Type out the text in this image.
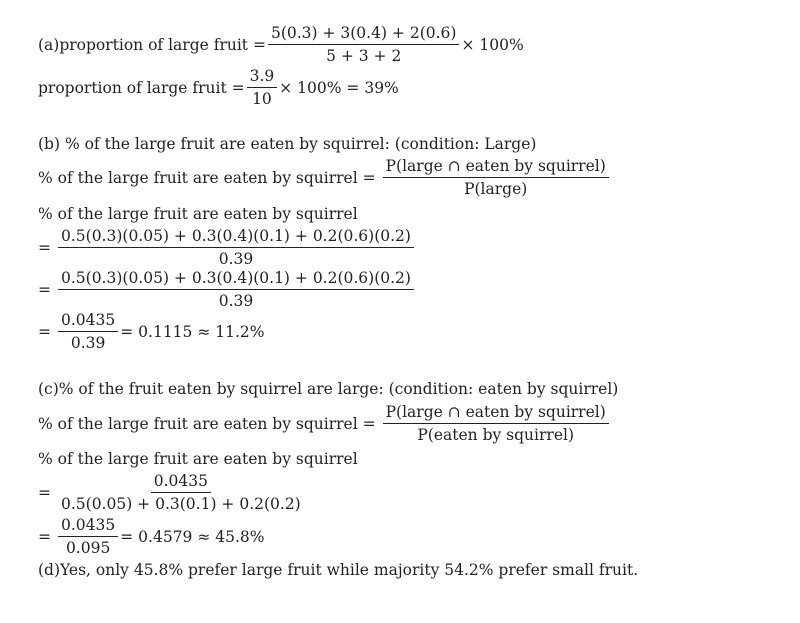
(a)proportion of large fruit = $\frac{5(0.3) + 3(0.4) + 2(0.6)}{5 + 3 + 2} \times 100\%$
proportion of large fruit = $\frac{3.9}{10} \times 100\% = 39\%$
(b) % of the large fruit are eaten by squirrel: (condition: Large)
% of the large fruit are eaten by squirrel = $\frac{\text{P(large ∩ eaten by squirrel)}}{\text{P(large)}}$
% of the large fruit are eaten by squirrel
= $\frac{0.5(0.3)(0.05) + 0.3(0.4)(0.1) + 0.2(0.6)(0.2)}{0.39}$
= $\frac{0.5(0.3)(0.05) + 0.3(0.4)(0.1) + 0.2(0.6)(0.2)}{0.39}$
= $\frac{0.0435}{0.39} = 0.1115 \approx 11.2\%$
(c)% of the fruit eaten by squirrel are large: (condition: eaten by squirrel)
% of the large fruit are eaten by squirrel = $\frac{\text{P(large ∩ eaten by squirrel)}}{\text{P(eaten by squirrel)}}$
% of the large fruit are eaten by squirrel
= $\frac{0.0435}{0.5(0.05) + 0.3(0.1) + 0.2(0.2)}$
= $\frac{0.0435}{0.095} = 0.4579 \approx 45.8\%$
(d)Yes, only 45.8% prefer large fruit while majority 54.2% prefer small fruit.
